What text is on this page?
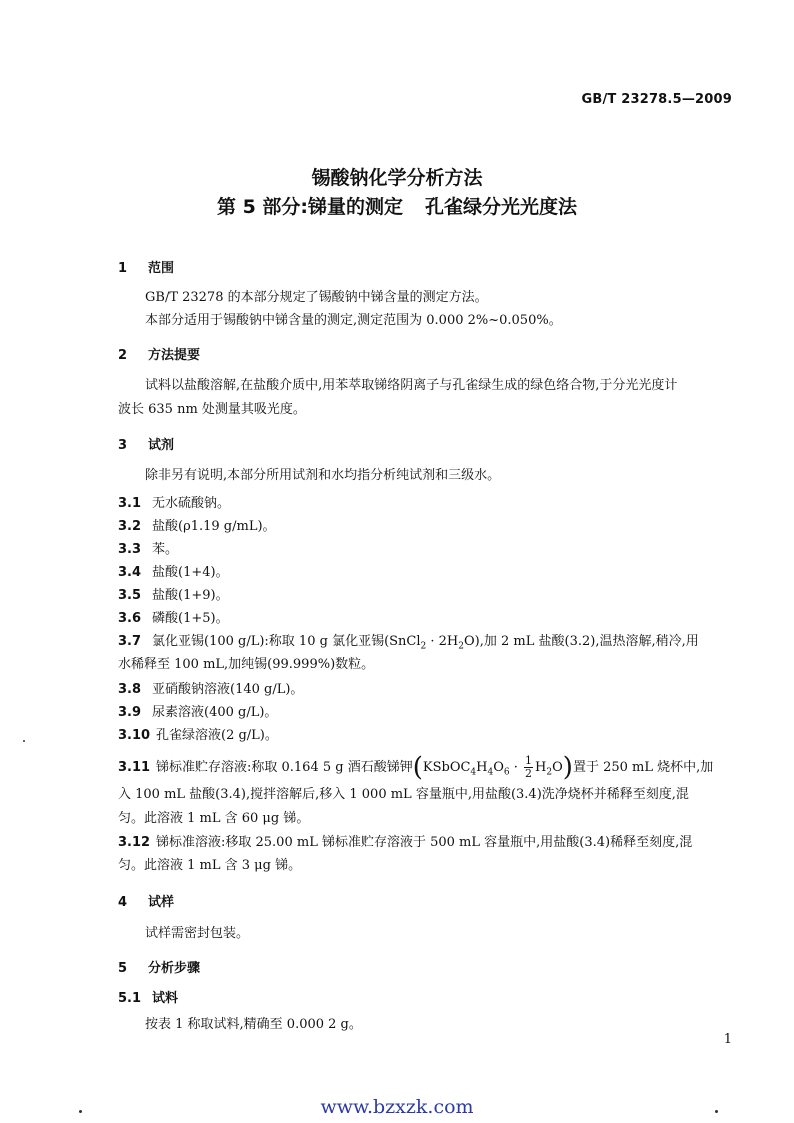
GB/T 23278.5—2009
锡酸钠化学分析方法
第 5 部分:锑量的测定 孔雀绿分光光度法
1 范围
GB/T 23278 的本部分规定了锡酸钠中锑含量的测定方法。
本部分适用于锡酸钠中锑含量的测定,测定范围为 0.000 2%~0.050%。
2 方法提要
试料以盐酸溶解,在盐酸介质中,用苯萃取锑络阴离子与孔雀绿生成的绿色络合物,于分光光度计
波长 635 nm 处测量其吸光度。
3 试剂
除非另有说明,本部分所用试剂和水均指分析纯试剂和三级水。
3.1 无水硫酸钠。
3.2 盐酸(ρ1.19 g/mL)。
3.3 苯。
3.4 盐酸(1+4)。
3.5 盐酸(1+9)。
3.6 磷酸(1+5)。
3.7 氯化亚锡(100 g/L):称取 10 g 氯化亚锡(SnCl$_2$ · $2H_2O$),加 2 mL 盐酸(3.2),温热溶解,稍冷,用
水稀释至 100 mL,加纯锡(99.999%)数粒。
3.8 亚硝酸钠溶液(140 g/L)。
3.9 尿素溶液(400 g/L)。
3.10 孔雀绿溶液(2 g/L)。
3.11 锑标准贮存溶液:称取 0.164 5 g 酒石酸锑钾$(KSbOC_4H_4O_6 \cdot \frac{1}{2} H_2O)$置于 250 mL 烧杯中,加
入 100 mL 盐酸(3.4),搅拌溶解后,移入 1 000 mL 容量瓶中,用盐酸(3.4)洗净烧杯并稀释至刻度,混
匀。此溶液 1 mL 含 60 μg 锑。
3.12 锑标准溶液:移取 25.00 mL 锑标准贮存溶液于 500 mL 容量瓶中,用盐酸(3.4)稀释至刻度,混
匀。此溶液 1 mL 含 3 μg 锑。
4 试样
试样需密封包装。
5 分析步骤
5.1 试料
按表 1 称取试料,精确至 0.000 2 g。
1
www.bzxzk.com
